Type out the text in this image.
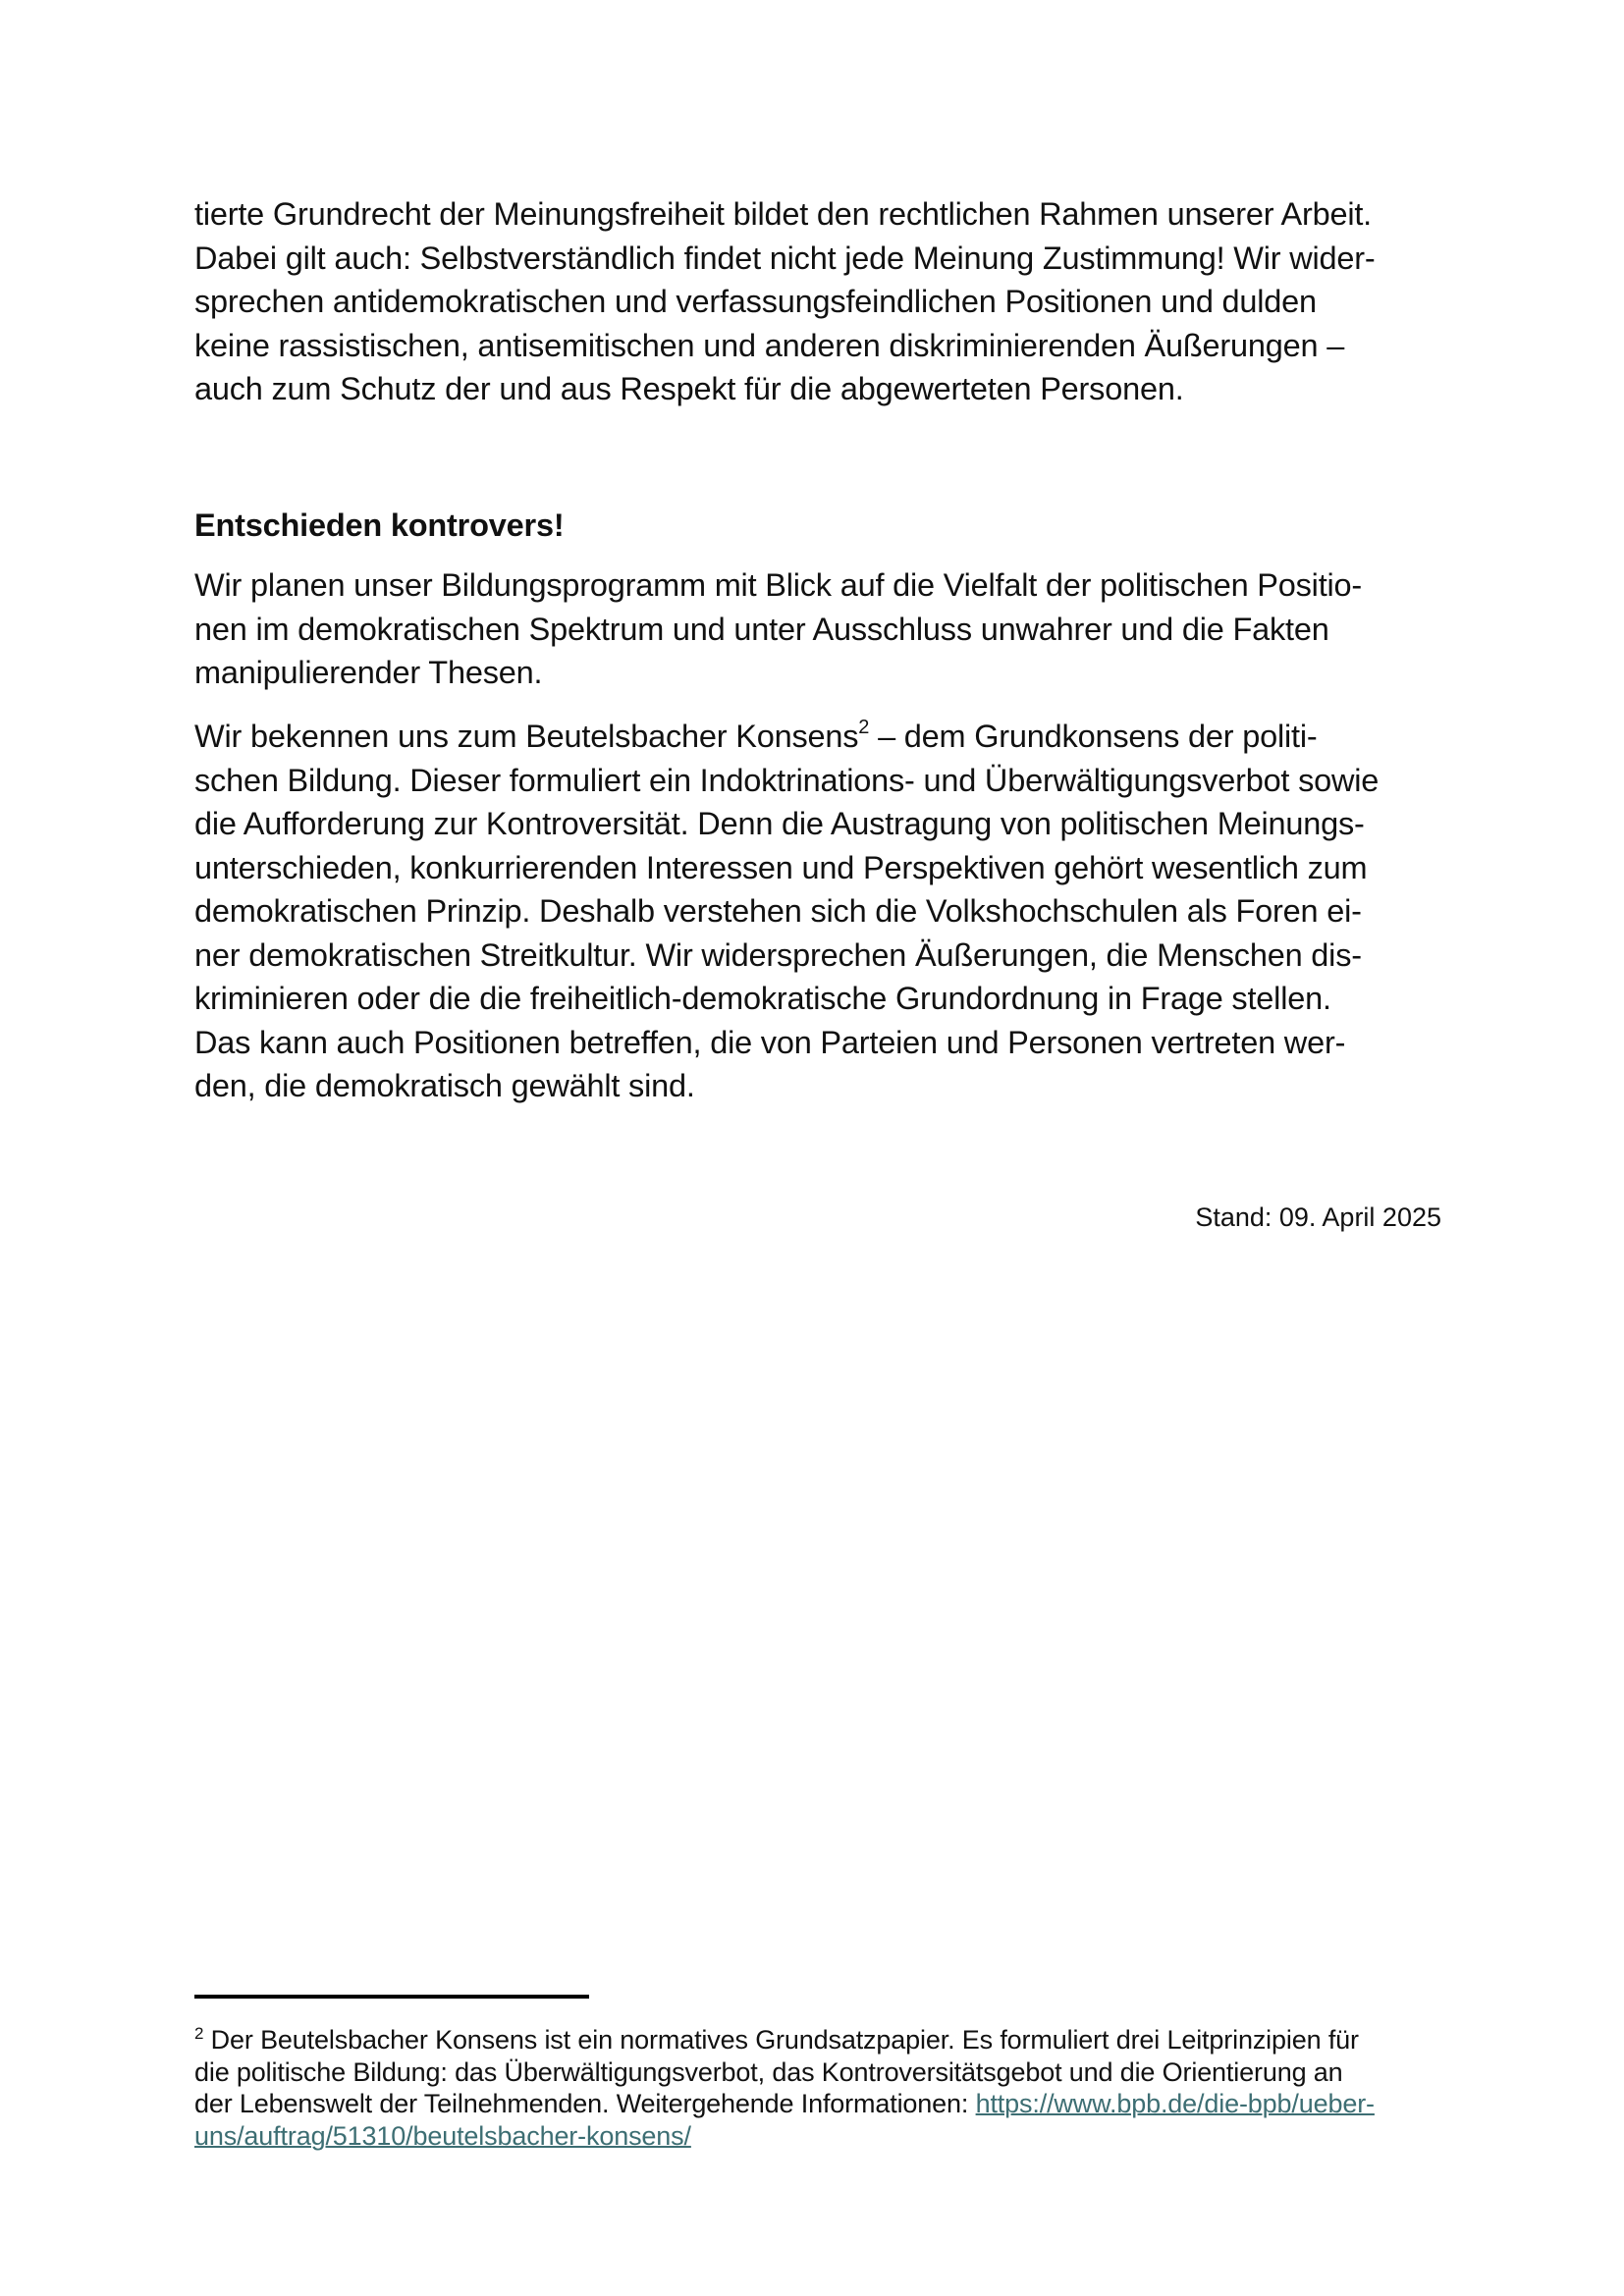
tierte Grundrecht der Meinungsfreiheit bildet den rechtlichen Rahmen unserer Arbeit.
Dabei gilt auch: Selbstverständlich findet nicht jede Meinung Zustimmung! Wir wider-
sprechen antidemokratischen und verfassungsfeindlichen Positionen und dulden
keine rassistischen, antisemitischen und anderen diskriminierenden Äußerungen –
auch zum Schutz der und aus Respekt für die abgewerteten Personen.

Entschieden kontrovers!

Wir planen unser Bildungsprogramm mit Blick auf die Vielfalt der politischen Positio-
nen im demokratischen Spektrum und unter Ausschluss unwahrer und die Fakten
manipulierender Thesen.

Wir bekennen uns zum Beutelsbacher Konsens$^2$ – dem Grundkonsens der politi-
schen Bildung. Dieser formuliert ein Indoktrinations- und Überwältigungsverbot sowie
die Aufforderung zur Kontroversität. Denn die Austragung von politischen Meinungs-
unterschieden, konkurrierenden Interessen und Perspektiven gehört wesentlich zum
demokratischen Prinzip. Deshalb verstehen sich die Volkshochschulen als Foren ei-
ner demokratischen Streitkultur. Wir widersprechen Äußerungen, die Menschen dis-
kriminieren oder die die freiheitlich-demokratische Grundordnung in Frage stellen.
Das kann auch Positionen betreffen, die von Parteien und Personen vertreten wer-
den, die demokratisch gewählt sind.

Stand: 09. April 2025

$^2$ Der Beutelsbacher Konsens ist ein normatives Grundsatzpapier. Es formuliert drei Leitprinzipien für
die politische Bildung: das Überwältigungsverbot, das Kontroversitätsgebot und die Orientierung an
der Lebenswelt der Teilnehmenden. Weitergehende Informationen: https://www.bpb.de/die-bpb/ueber-
uns/auftrag/51310/beutelsbacher-konsens/
